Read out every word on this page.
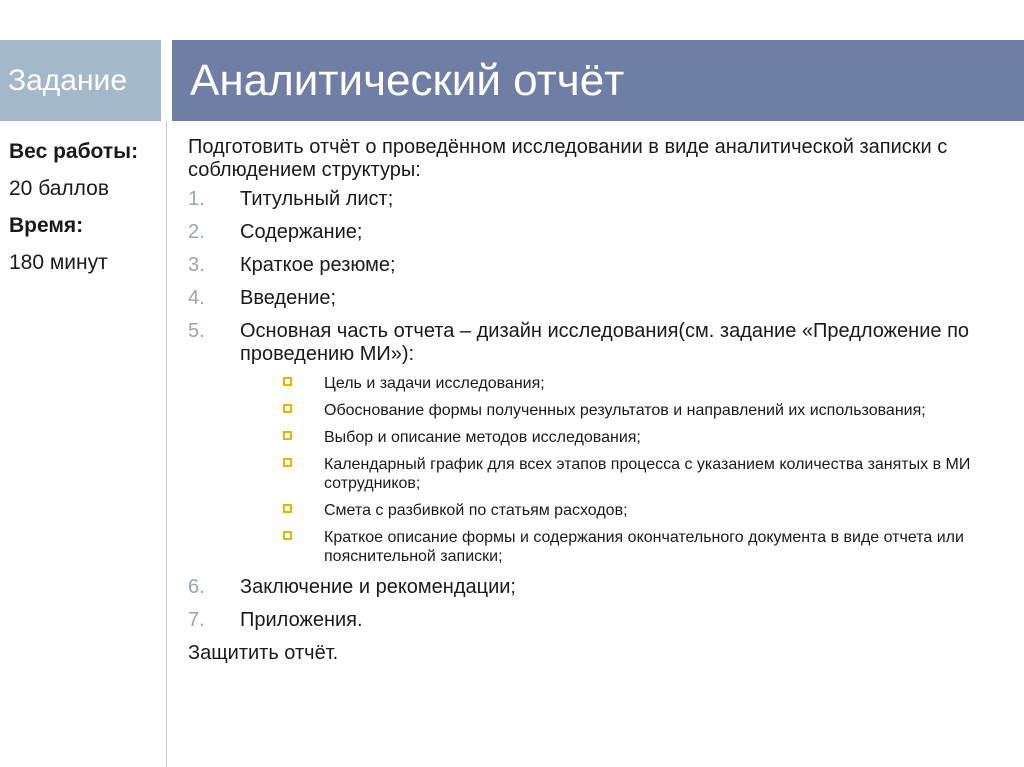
Задание	Аналитический отчёт
Вес работы:
20 баллов
Время:
180 минут
Подготовить отчёт о проведённом исследовании в виде аналитической записки с соблюдением структуры:
1.	Титульный лист;
2.	Содержание;
3.	Краткое резюме;
4.	Введение;
5.	Основная часть отчета – дизайн исследования(см. задание «Предложение по проведению МИ»):
Цель и задачи исследования;
Обоснование формы полученных результатов и направлений их использования;
Выбор и описание методов исследования;
Календарный график для всех этапов процесса с указанием количества занятых в МИ сотрудников;
Смета с разбивкой по статьям расходов;
Краткое описание формы и содержания окончательного документа в виде отчета или пояснительной записки;
6.	Заключение и рекомендации;
7.	Приложения.
Защитить отчёт.
